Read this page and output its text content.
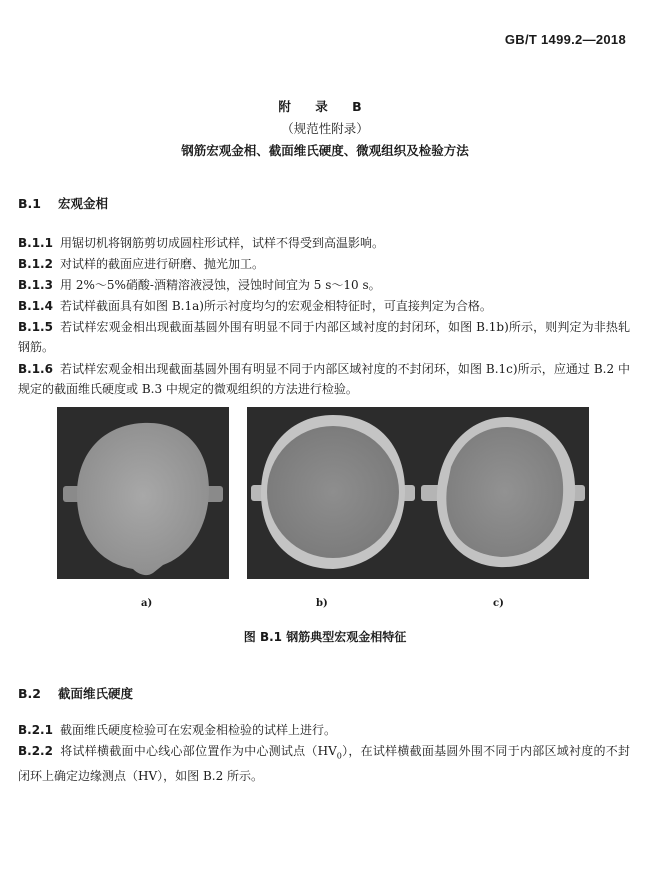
GB/T 1499.2—2018
附 录 B
（规范性附录）
钢筋宏观金相、截面维氏硬度、微观组织及检验方法
B.1 宏观金相
B.1.1 用锯切机将钢筋剪切成圆柱形试样，试样不得受到高温影响。
B.1.2 对试样的截面应进行研磨、抛光加工。
B.1.3 用 2%～5%硝酸-酒精溶液浸蚀，浸蚀时间宜为 5 s～10 s。
B.1.4 若试样截面具有如图 B.1a)所示衬度均匀的宏观金相特征时，可直接判定为合格。
B.1.5 若试样宏观金相出现截面基圆外围有明显不同于内部区域衬度的封闭环，如图 B.1b)所示，则判定为非热轧钢筋。
B.1.6 若试样宏观金相出现截面基圆外围有明显不同于内部区域衬度的不封闭环，如图 B.1c)所示，应通过 B.2 中规定的截面维氏硬度或 B.3 中规定的微观组织的方法进行检验。
a)	b)	c)
图 B.1 钢筋典型宏观金相特征
B.2 截面维氏硬度
B.2.1 截面维氏硬度检验可在宏观金相检验的试样上进行。
B.2.2 将试样横截面中心线心部位置作为中心测试点$(HV_0)$，在试样横截面基圆外围不同于内部区域衬度的不封闭环上确定边缘测点（HV），如图 B.2 所示。
